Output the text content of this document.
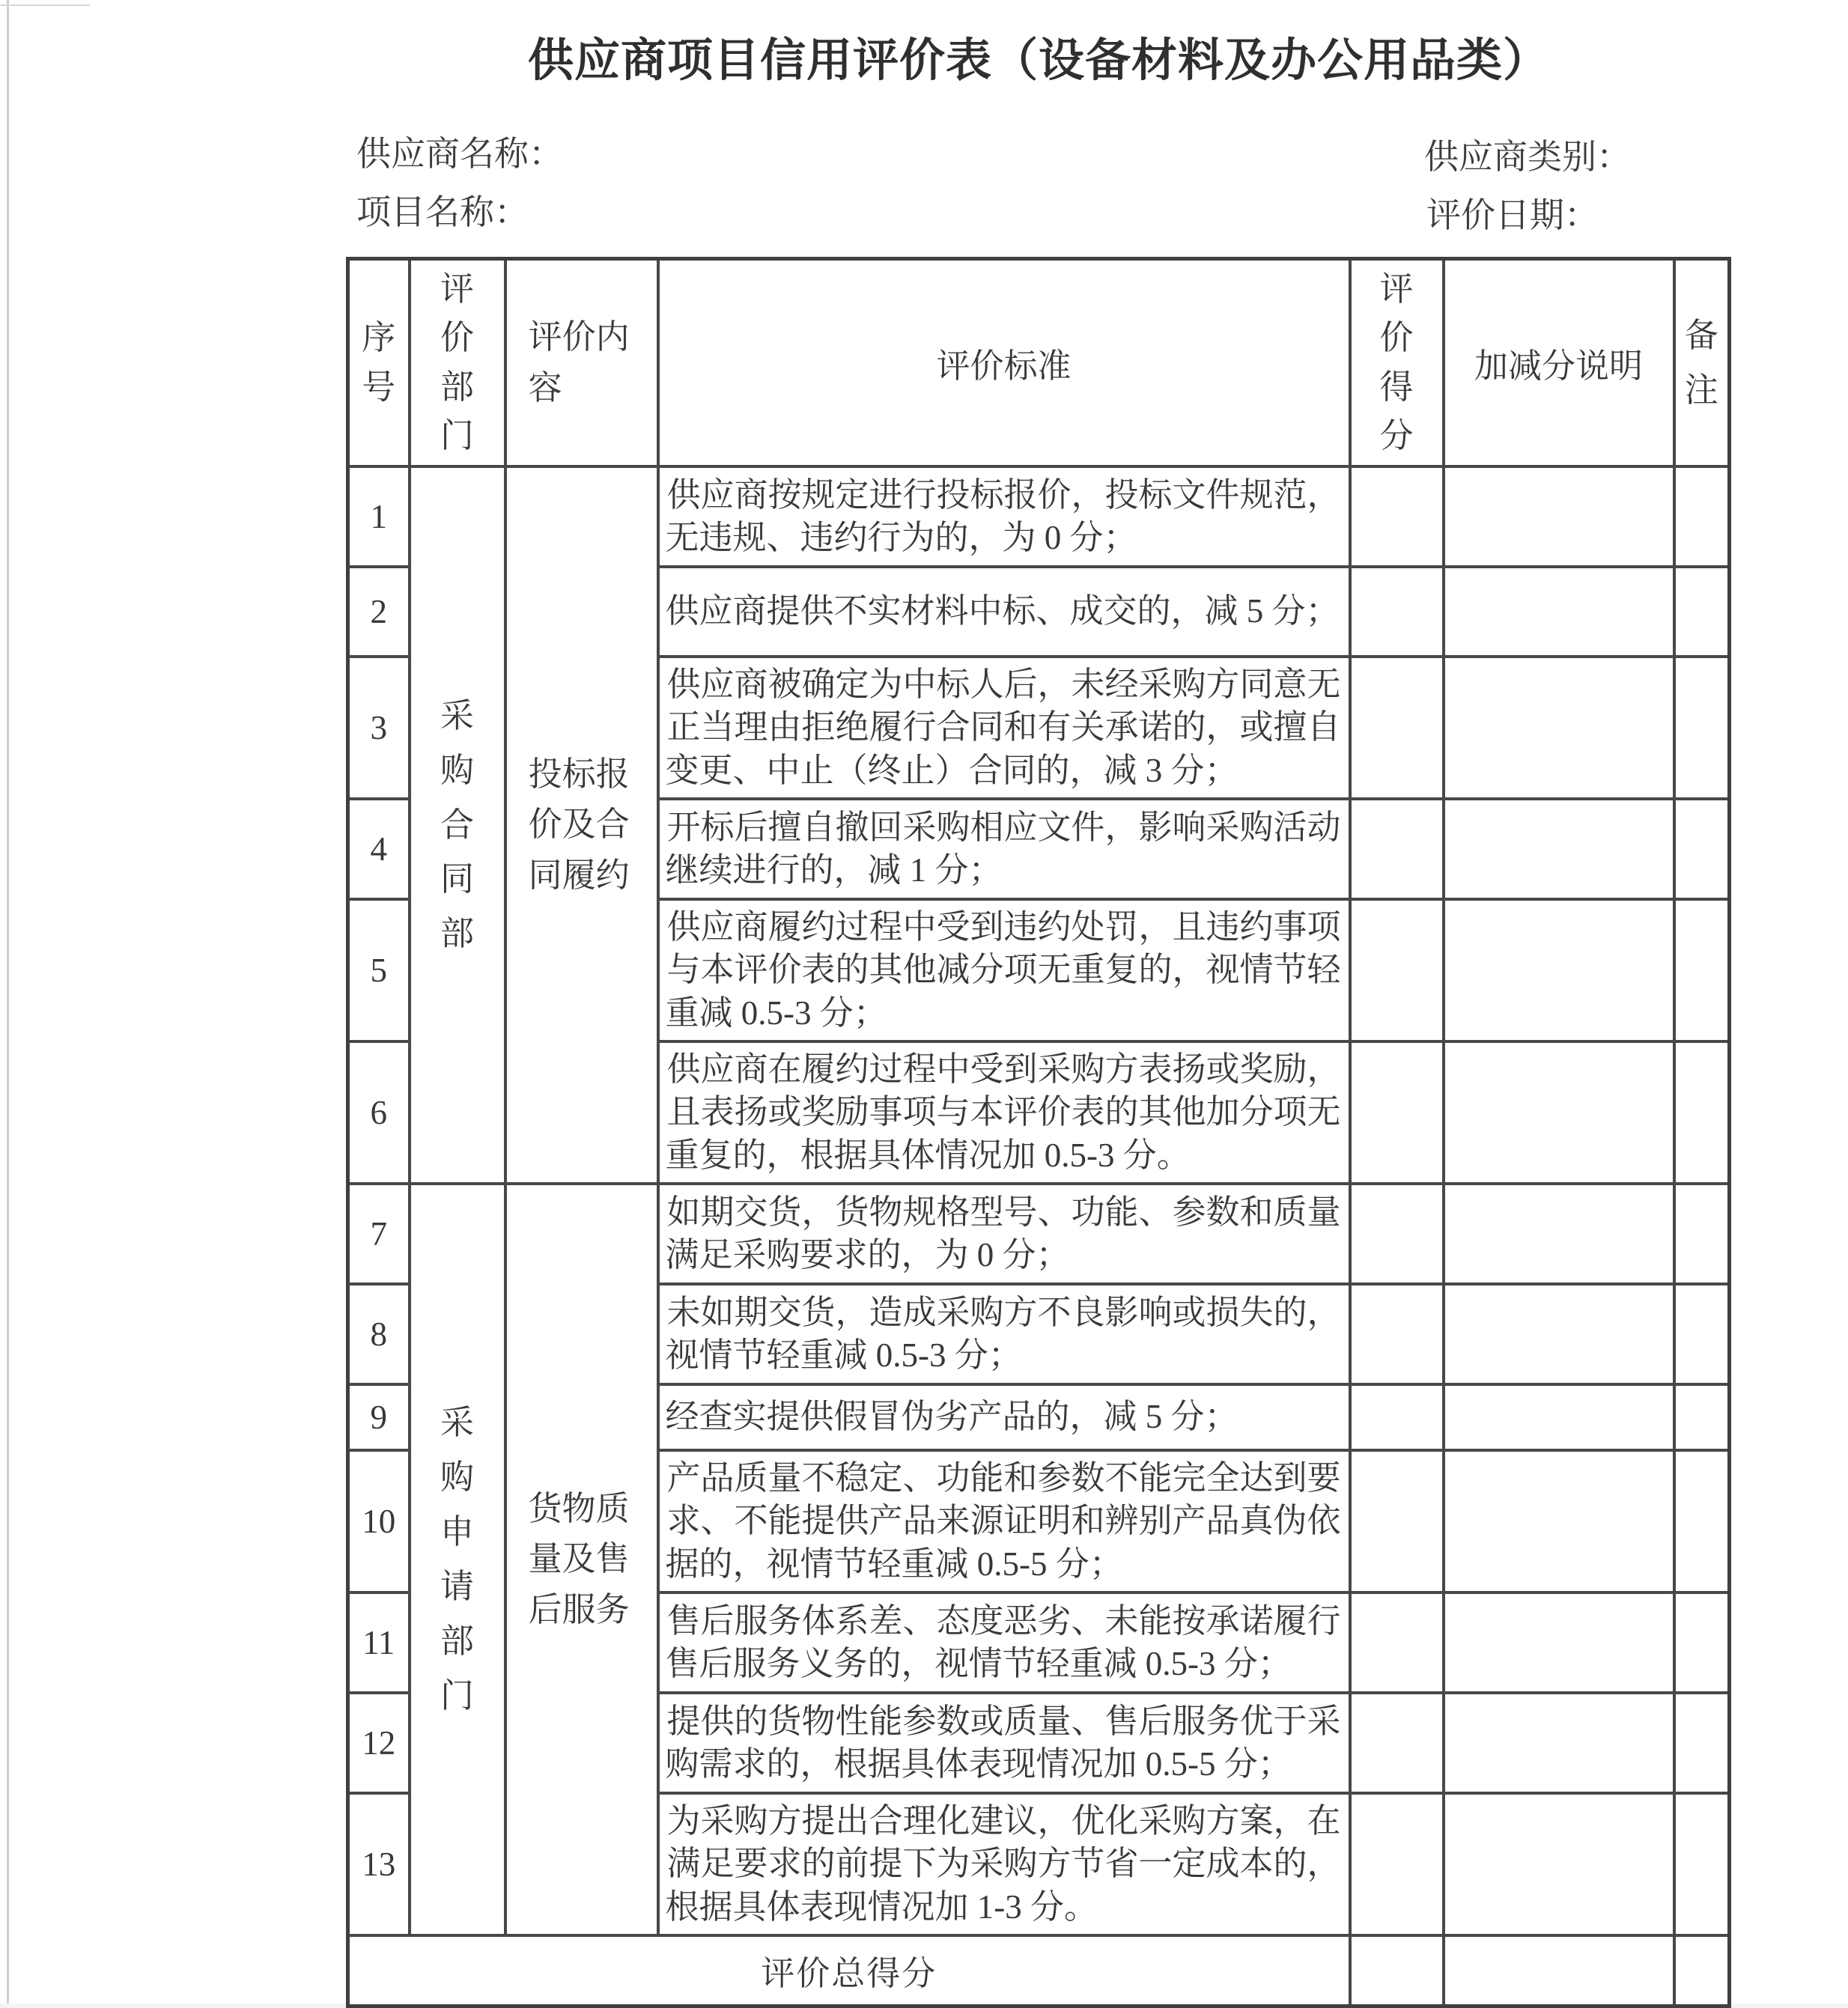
供应商项目信用评价表（设备材料及办公用品类）
供应商名称：	供应商类别：
项目名称：	评价日期：
序号	评价部门	评价内容	评价标准	评价得分	加减分说明	备注

1	采购合同部	投标报价及合同履约	供应商按规定进行投标报价，投标文件规范，无违规、违约行为的，为 0 分；			
2			供应商提供不实材料中标、成交的，减 5 分；			
3			供应商被确定为中标人后，未经采购方同意无正当理由拒绝履行合同和有关承诺的，或擅自变更、中止（终止）合同的，减 3 分；			
4			开标后擅自撤回采购相应文件，影响采购活动继续进行的，减 1 分；			
5			供应商履约过程中受到违约处罚，且违约事项与本评价表的其他减分项无重复的，视情节轻重减 0.5-3 分；			
6			供应商在履约过程中受到采购方表扬或奖励，且表扬或奖励事项与本评价表的其他加分项无重复的，根据具体情况加 0.5-3 分。			
7	采购申请部门	货物质量及售后服务	如期交货，货物规格型号、功能、参数和质量满足采购要求的，为 0 分；			
8			未如期交货，造成采购方不良影响或损失的，视情节轻重减 0.5-3 分；			
9			经查实提供假冒伪劣产品的，减 5 分；			
10			产品质量不稳定、功能和参数不能完全达到要求、不能提供产品来源证明和辨别产品真伪依据的，视情节轻重减 0.5-5 分；			
11			售后服务体系差、态度恶劣、未能按承诺履行售后服务义务的，视情节轻重减 0.5-3 分；			
12			提供的货物性能参数或质量、售后服务优于采购需求的，根据具体表现情况加 0.5-5 分；			
13			为采购方提出合理化建议，优化采购方案，在满足要求的前提下为采购方节省一定成本的，根据具体表现情况加 1-3 分。			
评价总得分						
